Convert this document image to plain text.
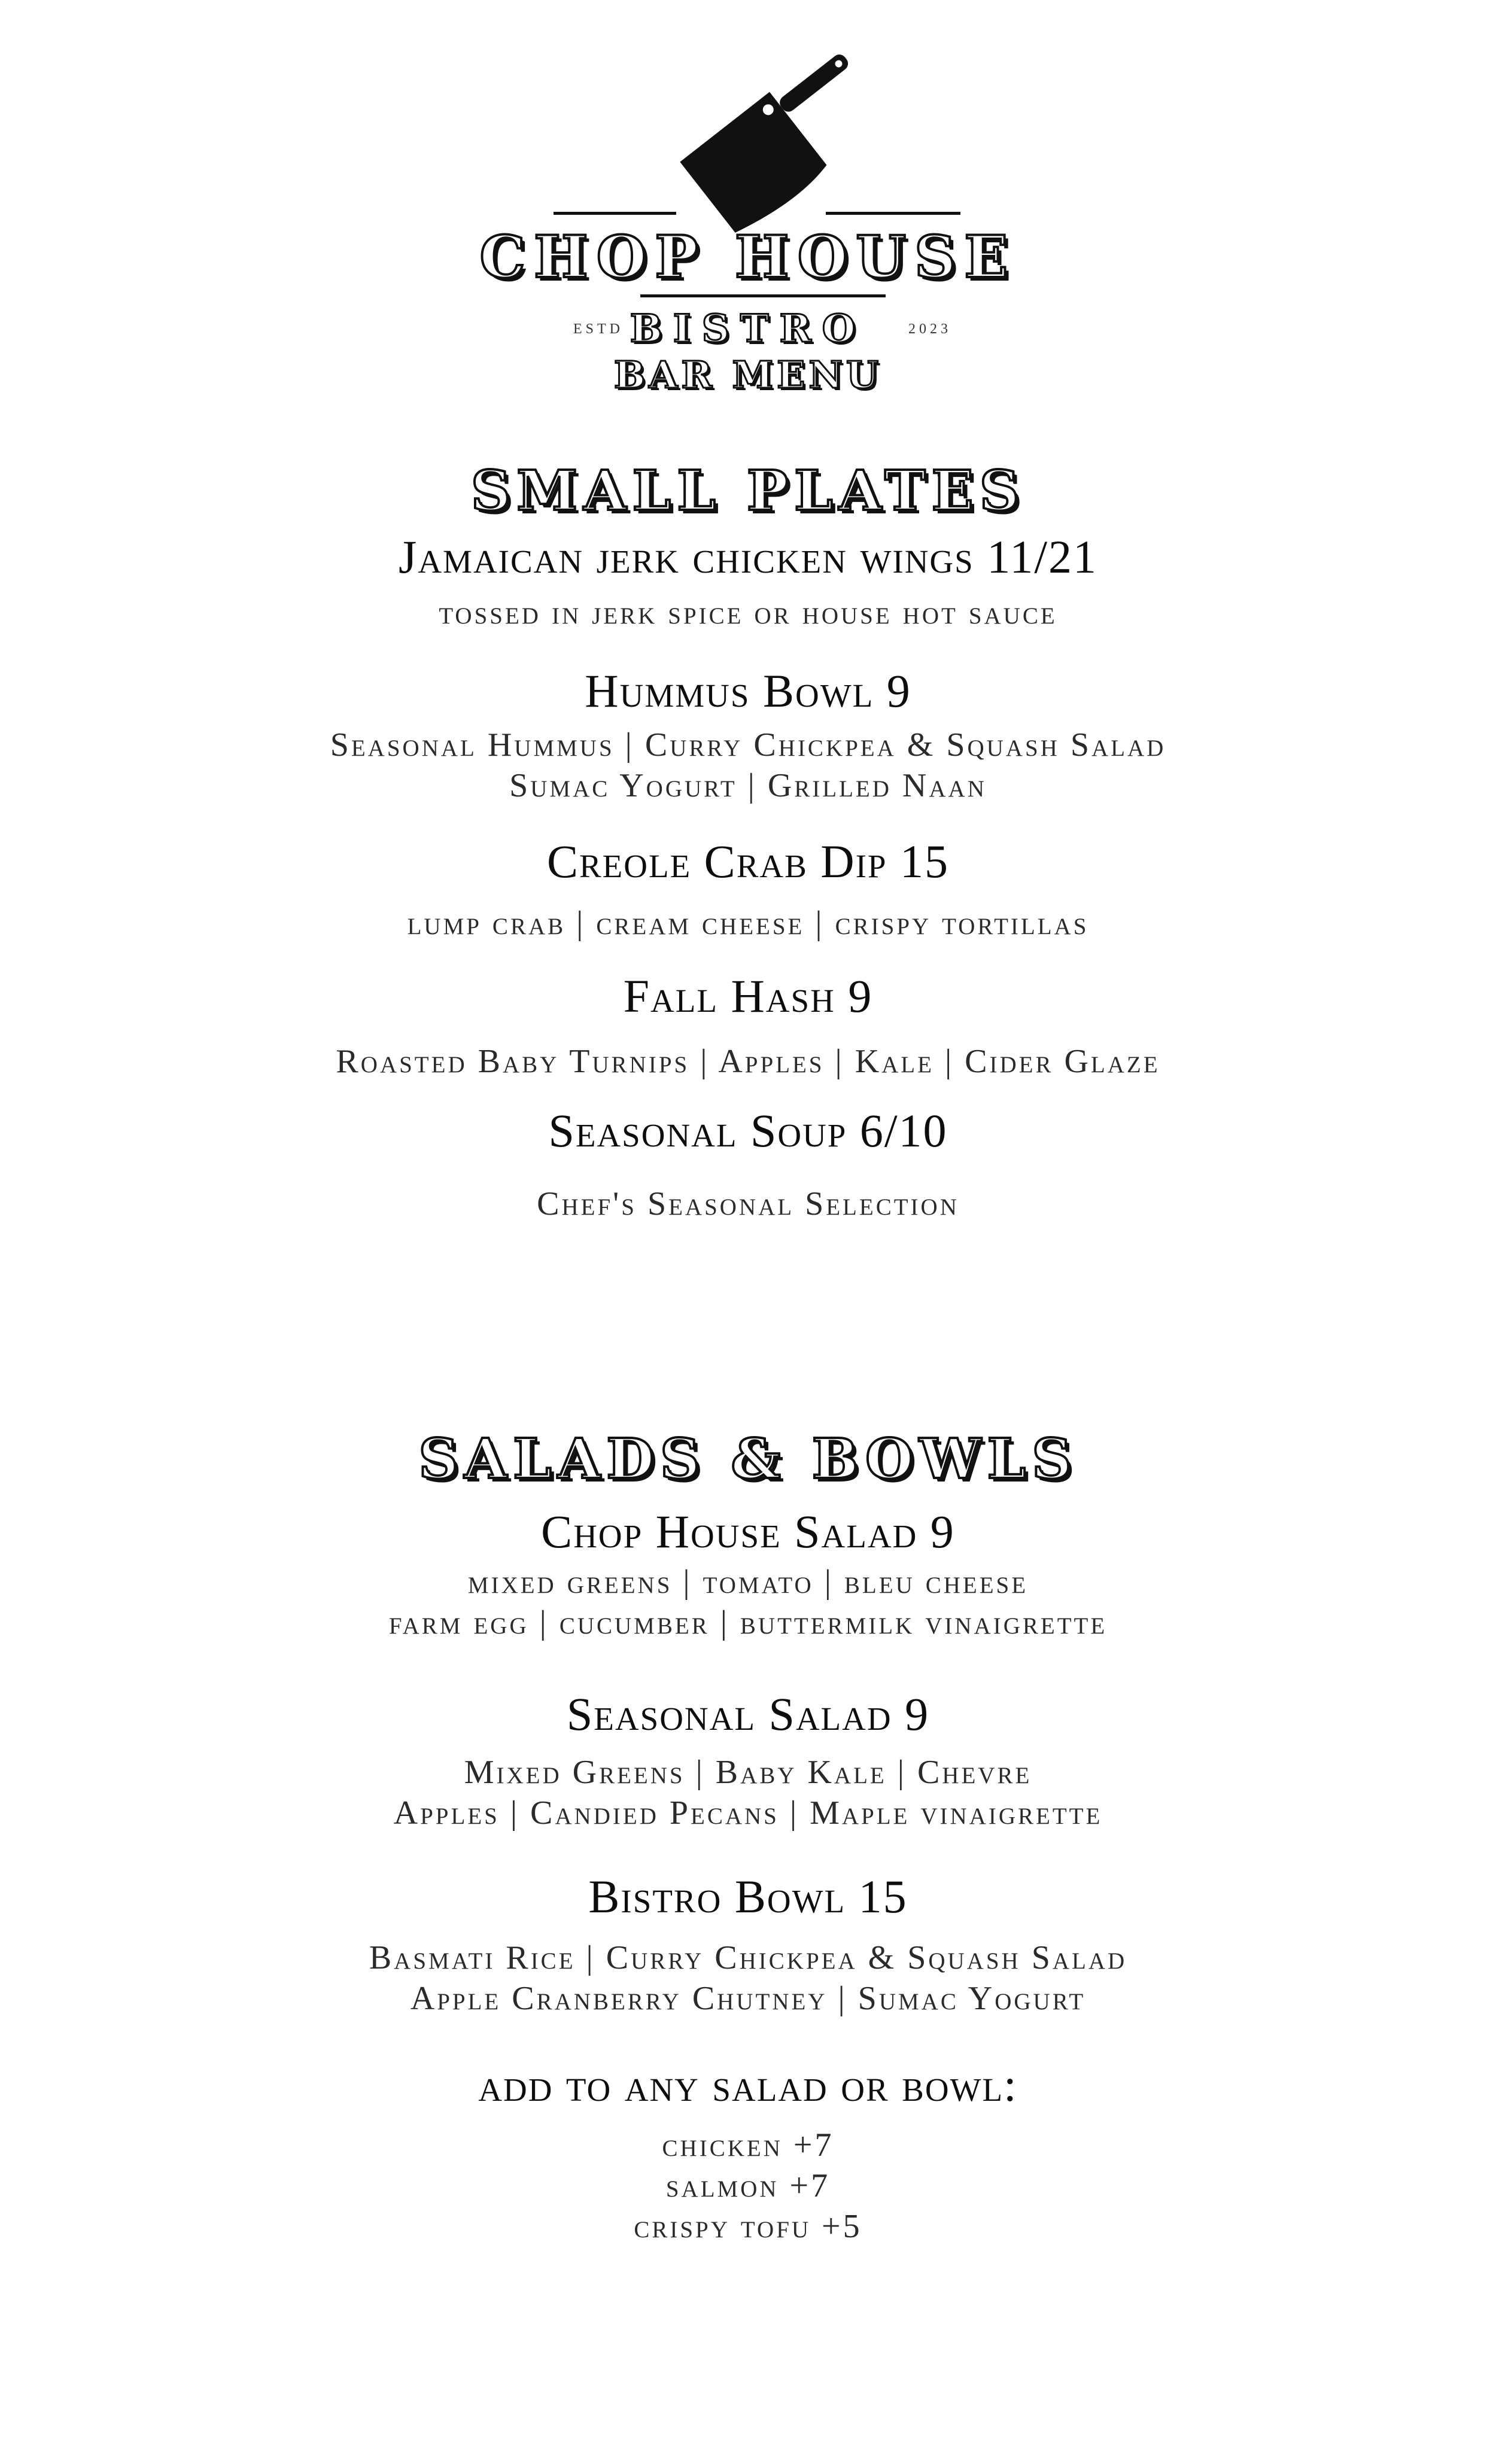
CHOP HOUSE
ESTD	2023
BISTRO
BAR MENU
SMALL PLATES
Jamaican jerk chicken wings 11/21
tossed in jerk spice or house hot sauce
Hummus Bowl 9
Seasonal Hummus | Curry Chickpea & Squash Salad
Sumac Yogurt | Grilled Naan
Creole Crab Dip 15
lump crab | cream cheese | crispy tortillas
Fall Hash 9
Roasted Baby Turnips | Apples | Kale | Cider Glaze
Seasonal Soup 6/10
Chef's Seasonal Selection
SALADS & BOWLS
Chop House Salad 9
mixed greens | tomato | bleu cheese
farm egg | cucumber | buttermilk vinaigrette
Seasonal Salad 9
Mixed Greens | Baby Kale | Chevre
Apples | Candied Pecans | Maple vinaigrette
Bistro Bowl 15
Basmati Rice | Curry Chickpea & Squash Salad
Apple Cranberry Chutney | Sumac Yogurt
add to any salad or bowl:
chicken +7
salmon +7
crispy tofu +5
